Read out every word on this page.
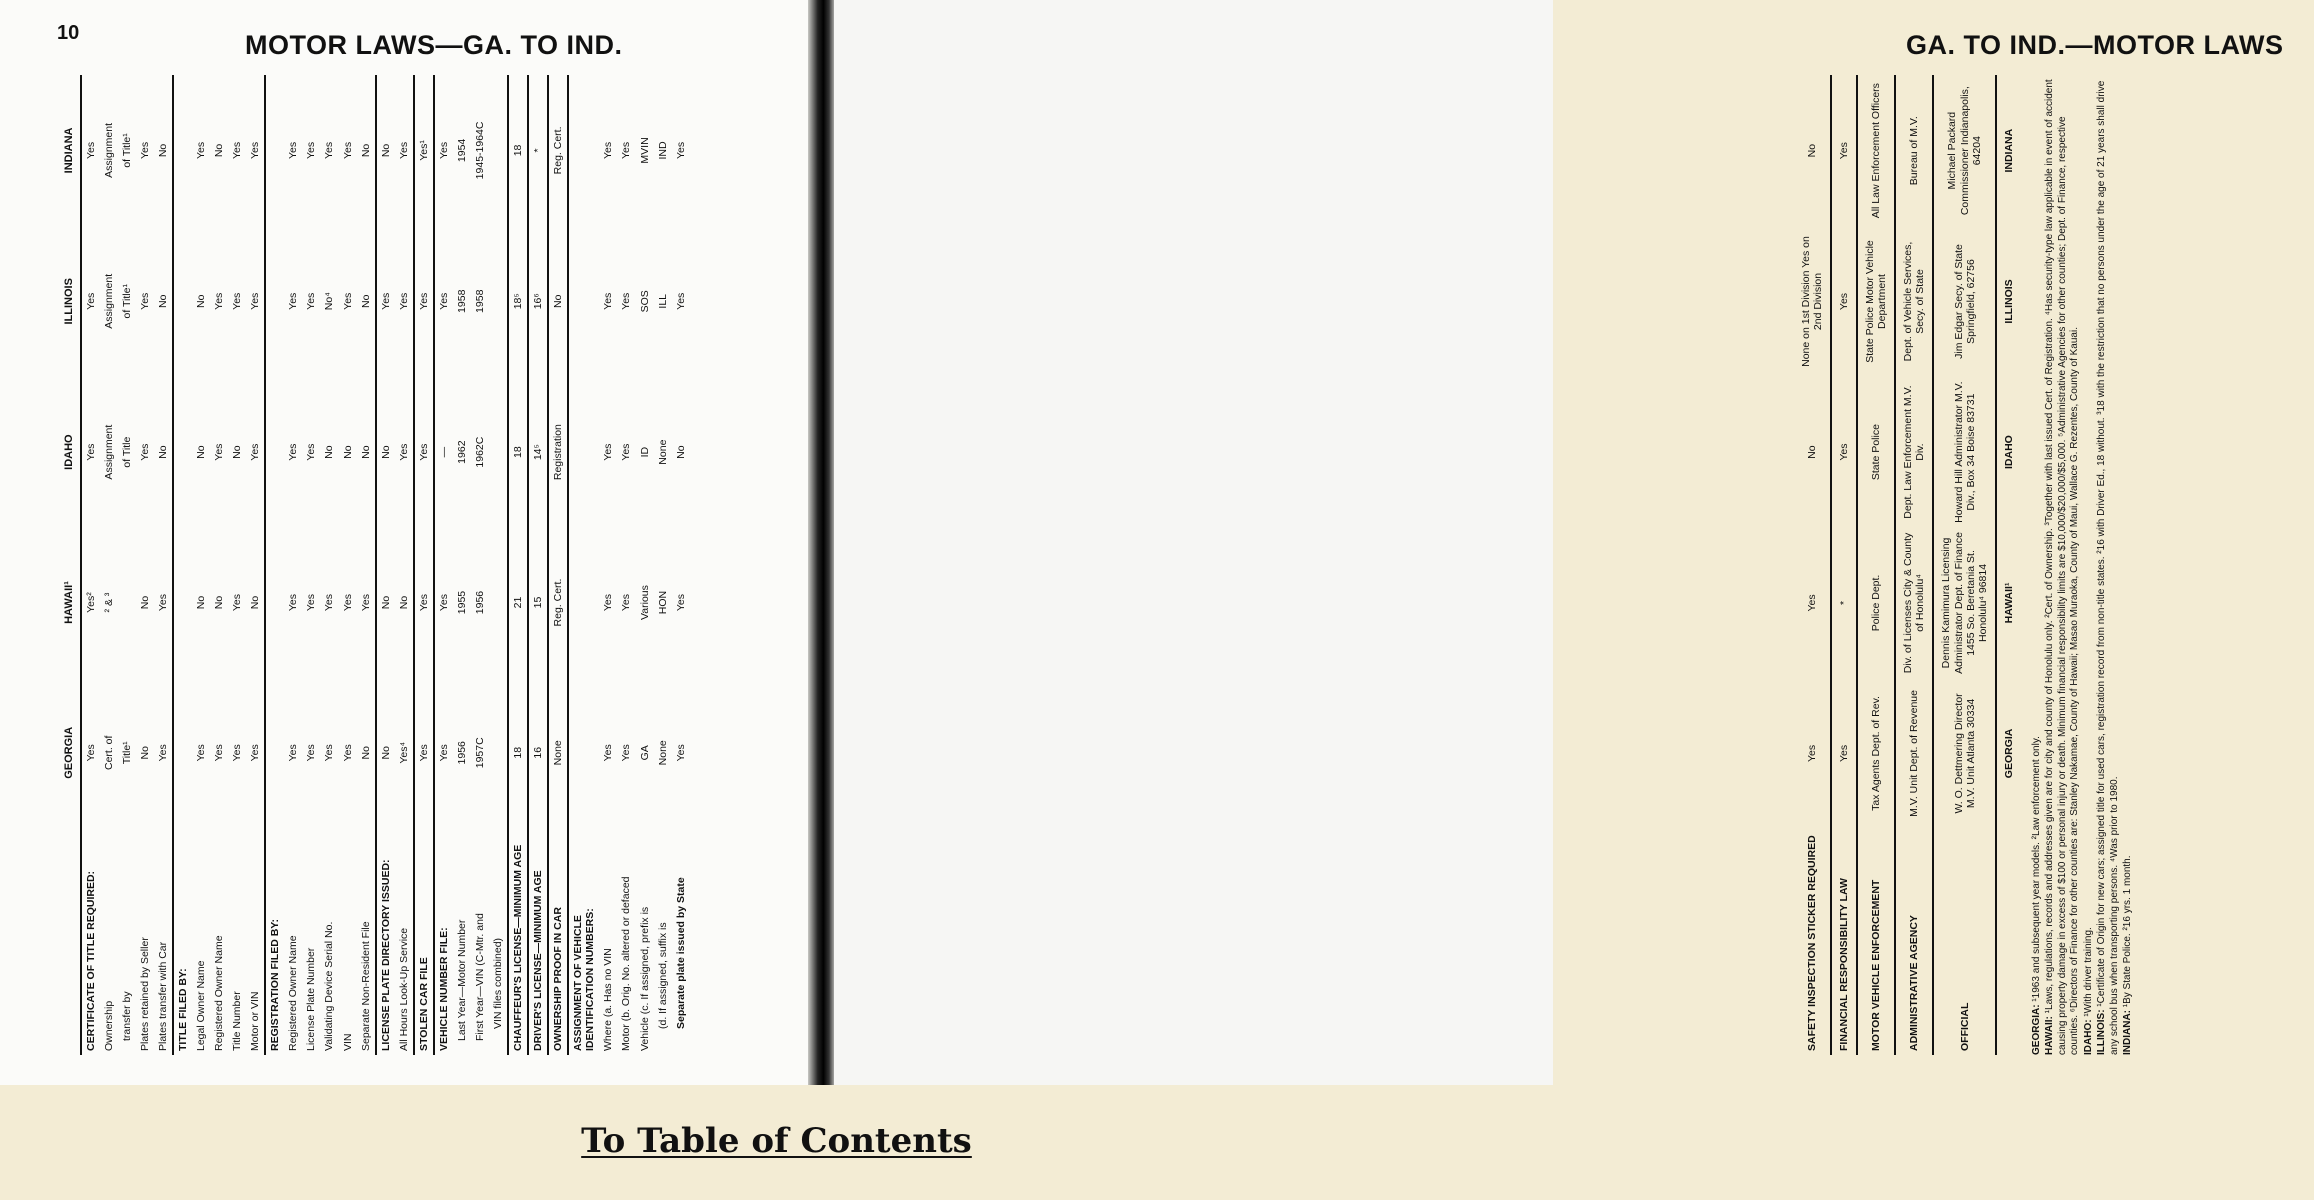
10	MOTOR LAWS—GA. TO IND.
	GEORGIA	HAWAII¹	IDAHO	ILLINOIS	INDIANA
CERTIFICATE OF TITLE REQUIRED:	Yes	Yes²	Yes	Yes	Yes
Ownership	Cert. of	² & ³	Assignment	Assignment	Assignment
transfer by	Title¹		of Title	of Title¹	of Title¹
Plates retained by Seller	No	No	Yes	Yes	Yes
Plates transfer with Car	Yes	Yes	No	No	No
TITLE FILED BY:					
Legal Owner Name	Yes	No	No	No	Yes
Registered Owner Name	Yes	No	Yes	Yes	No
Title Number	Yes	Yes	No	Yes	Yes
Motor or VIN	Yes	No	Yes	Yes	Yes
REGISTRATION FILED BY:					
Registered Owner Name	Yes	Yes	Yes	Yes	Yes
License Plate Number	Yes	Yes	Yes	Yes	Yes
Validating Device Serial No.	Yes	Yes	No	No⁴	Yes
VIN	Yes	Yes	No	Yes	Yes
Separate Non-Resident File	No	Yes	No	No	No
LICENSE PLATE DIRECTORY ISSUED:	No	No	No	Yes	No
All Hours Look-Up Service	Yes⁴	No	Yes	Yes	Yes
STOLEN CAR FILE	Yes	Yes	Yes	Yes	Yes¹
VEHICLE NUMBER FILE:	Yes	Yes	—	Yes	Yes
Last Year—Motor Number	1956	1955	1962	1958	1954
First Year—VIN (C-Mtr. and	1957C	1956	1962C	1958	1945-1964C
VIN files combined)					
CHAUFFEUR'S LICENSE—MINIMUM AGE	18	21	18	18⁵	18
DRIVER'S LICENSE—MINIMUM AGE	16	15	14⁵	16⁶	*
OWNERSHIP PROOF IN CAR	None	Reg. Cert.	Registration	No	Reg. Cert.
ASSIGNMENT OF VEHICLE IDENTIFICATION NUMBERS:					
Where (a. Has no VIN	Yes	Yes	Yes	Yes	Yes
Motor (b. Orig. No. altered or defaced	Yes	Yes	Yes	Yes	Yes
Vehicle (c. If assigned, prefix is	GA	Various	ID	SOS	MVIN
(d. If assigned, suffix is	None	HON	None	ILL	IND
Separate plate issued by State	Yes	Yes	No	Yes	Yes
GA. TO IND.—MOTOR LAWS
SAFETY INSPECTION STICKER REQUIRED	Yes	Yes	No	None on 1st Division Yes on 2nd Division	No
FINANCIAL RESPONSIBILITY LAW	Yes	*	Yes	Yes	Yes
MOTOR VEHICLE ENFORCEMENT	Tax Agents Dept. of Rev.	Police Dept.	State Police	State Police Motor Vehicle Department	All Law Enforcement Officers
ADMINISTRATIVE AGENCY	M.V. Unit Dept. of Revenue	Div. of Licenses City & County of Honolulu⁴	Dept. Law Enforcement M.V. Div.	Dept. of Vehicle Services, Secy. of State	Bureau of M.V.
OFFICIAL	W. O. Dettmering Director M.V. Unit Atlanta 30334	Dennis Kamimura Licensing Administrator Dept. of Finance 1455 So. Beretania St. Honolulu⁴ 96814	Howard Hill Administrator M.V. Div., Box 34 Boise 83731	Jim Edgar Secy. of State Springfield, 62756	Michael Packard Commissioner Indianapolis, 64204
	GEORGIA	HAWAII¹	IDAHO	ILLINOIS	INDIANA

GEORGIA: ¹1963 and subsequent year models. ²Law enforcement only.

HAWAII: ¹Laws, regulations, records and addresses given are for city and county of Honolulu only. ²Cert. of Ownership. ³Together with last issued Cert. of Registration. ⁴Has security-type law applicable in event of accident causing property damage in excess of $100 or personal injury or death. Minimum financial responsibility limits are $10,000/$20,000/$5,000. ⁵Administrative Agencies for other counties; Dept. of Finance, respective counties. ⁶Directors of Finance for other counties are: Stanley Nakamae, County of Hawaii; Masao Muraoka, County of Maui, Wallace G. Rezentes, County of Kauai. IDAHO: ¹With driver training.

ILLINOIS: ¹Certificate of Origin for new cars; assigned title for used cars, registration record from non-title states. ²16 with Driver Ed., 18 without. ³18 with the restriction that no persons under the age of 21 years shall drive any school bus when transporting persons. ⁴Was prior to 1980. INDIANA: ¹By State Police. ²16 yrs. 1 month.

To Table of Contents
